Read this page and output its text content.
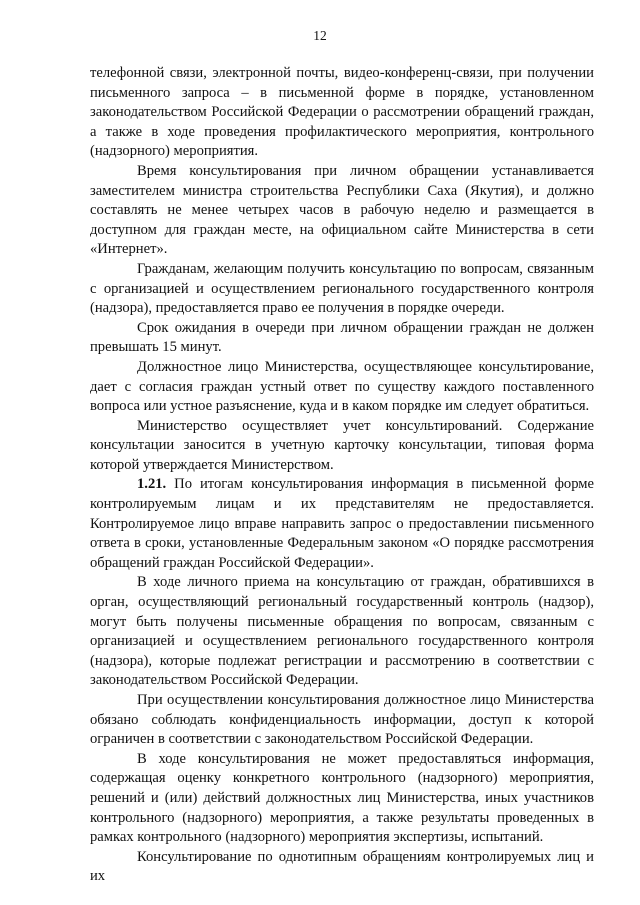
12

телефонной связи, электронной почты, видео-конференц-связи, при получении письменного запроса – в письменной форме в порядке, установленном законодательством Российской Федерации о рассмотрении обращений граждан, а также в ходе проведения профилактического мероприятия, контрольного (надзорного) мероприятия.

Время консультирования при личном обращении устанавливается заместителем министра строительства Республики Саха (Якутия), и должно составлять не менее четырех часов в рабочую неделю и размещается в доступном для граждан месте, на официальном сайте Министерства в сети «Интернет».

Гражданам, желающим получить консультацию по вопросам, связанным с организацией и осуществлением регионального государственного контроля (надзора), предоставляется право ее получения в порядке очереди.

Срок ожидания в очереди при личном обращении граждан не должен превышать 15 минут.

Должностное лицо Министерства, осуществляющее консультирование, дает с согласия граждан устный ответ по существу каждого поставленного вопроса или устное разъяснение, куда и в каком порядке им следует обратиться.

Министерство осуществляет учет консультирований. Содержание консультации заносится в учетную карточку консультации, типовая форма которой утверждается Министерством.

1.21. По итогам консультирования информация в письменной форме контролируемым лицам и их представителям не предоставляется. Контролируемое лицо вправе направить запрос о предоставлении письменного ответа в сроки, установленные Федеральным законом «О порядке рассмотрения обращений граждан Российской Федерации».

В ходе личного приема на консультацию от граждан, обратившихся в орган, осуществляющий региональный государственный контроль (надзор), могут быть получены письменные обращения по вопросам, связанным с организацией и осуществлением регионального государственного контроля (надзора), которые подлежат регистрации и рассмотрению в соответствии с законодательством Российской Федерации.

При осуществлении консультирования должностное лицо Министерства обязано соблюдать конфиденциальность информации, доступ к которой ограничен в соответствии с законодательством Российской Федерации.

В ходе консультирования не может предоставляться информация, содержащая оценку конкретного контрольного (надзорного) мероприятия, решений и (или) действий должностных лиц Министерства, иных участников контрольного (надзорного) мероприятия, а также результаты проведенных в рамках контрольного (надзорного) мероприятия экспертизы, испытаний.

Консультирование по однотипным обращениям контролируемых лиц и их
